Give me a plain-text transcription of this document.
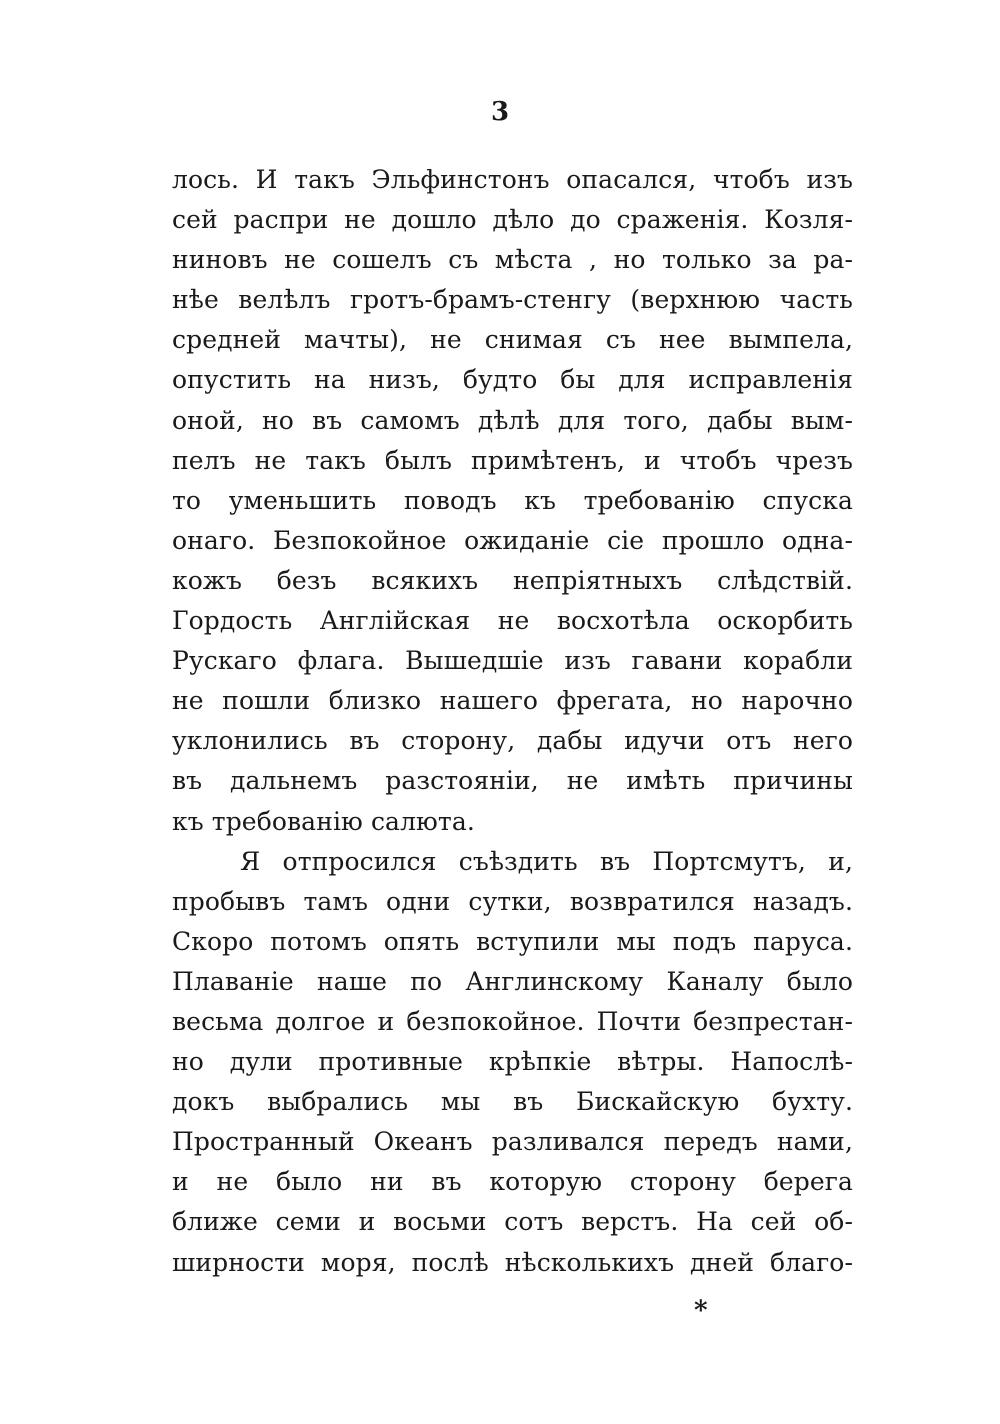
3
лось. И такъ Эльфинстонъ опасался, чтобъ изъ
сей распри не дошло дѣло до сраженія. Козля-
ниновъ не сошелъ съ мѣста , но только за ра-
нѣе велѣлъ гротъ-брамъ-стенгу (верхнюю часть
средней мачты), не снимая съ нее вымпела,
опустить на низъ, будто бы для исправленія
оной, но въ самомъ дѣлѣ для того, дабы вым-
пелъ не такъ былъ примѣтенъ, и чтобъ чрезъ
то уменьшить поводъ къ требованію спуска
онаго. Безпокойное ожиданіе сіе прошло одна-
кожъ безъ всякихъ непріятныхъ слѣдствій.
Гордость Англійская не восхотѣла оскорбить
Рускаго флага. Вышедшіе изъ гавани корабли
не пошли близко нашего фрегата, но нарочно
уклонились въ сторону, дабы идучи отъ него
въ дальнемъ разстояніи, не имѣть причины
къ требованію салюта.
Я отпросился съѣздить въ Портсмутъ, и,
пробывъ тамъ одни сутки, возвратился назадъ.
Скоро потомъ опять вступили мы подъ паруса.
Плаваніе наше по Англинскому Каналу было
весьма долгое и безпокойное. Почти безпрестан-
но дули противные крѣпкіе вѣтры. Напослѣ-
докъ выбрались мы въ Бискайскую бухту.
Пространный Океанъ разливался передъ нами,
и не было ни въ которую сторону берега
ближе семи и восьми сотъ верстъ. На сей об-
ширности моря, послѣ нѣсколькихъ дней благо-
*
